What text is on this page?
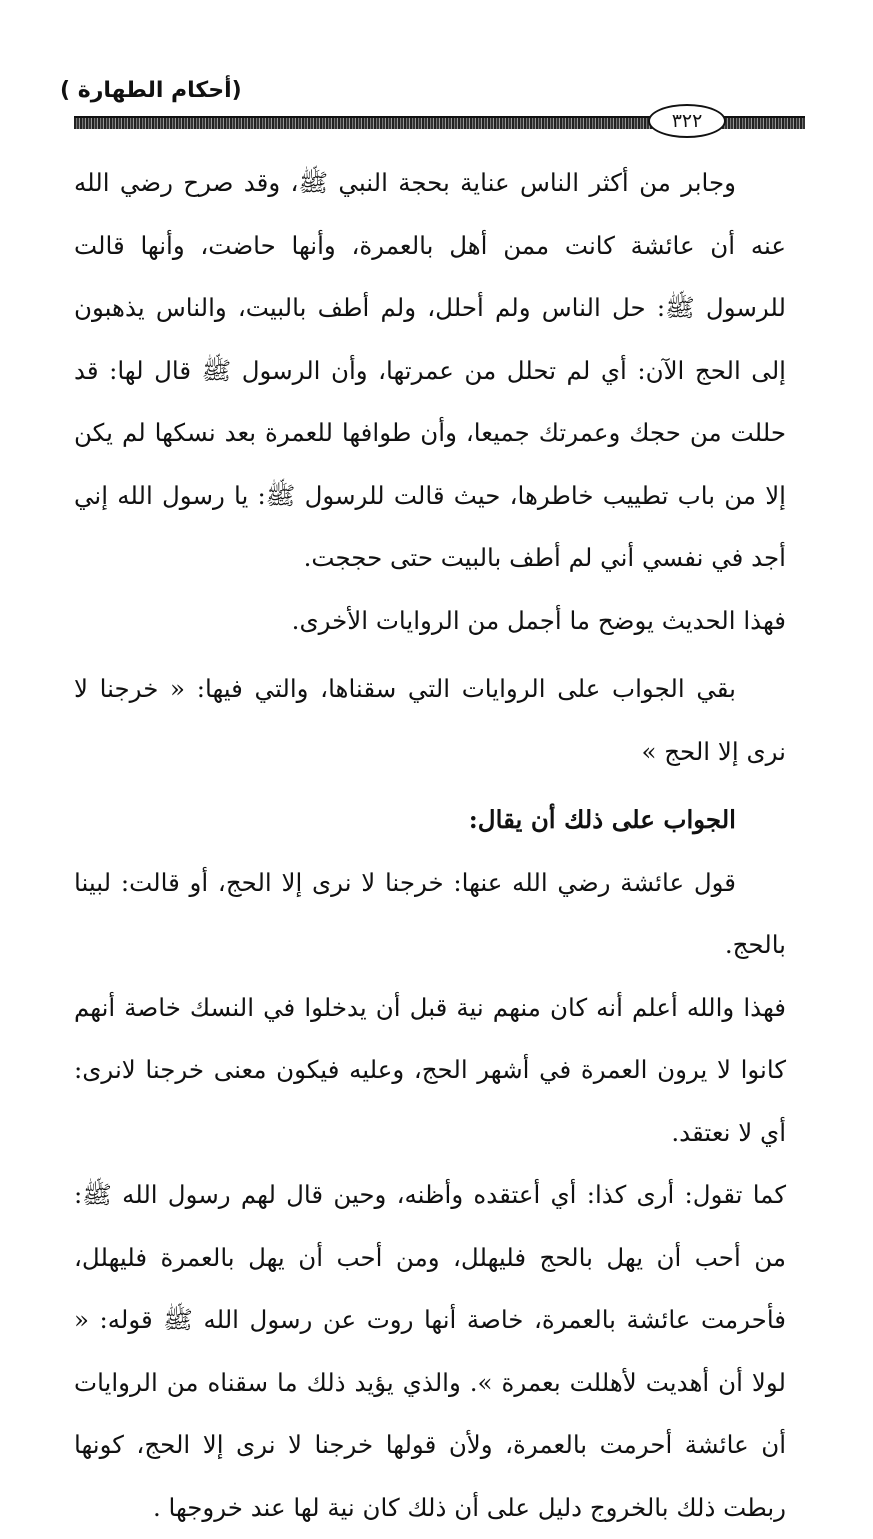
(أحكام الطهارة )
٣٢٢

وجابر من أكثر الناس عناية بحجة النبي ﷺ، وقد صرح رضي الله عنه أن عائشة كانت ممن أهل بالعمرة، وأنها حاضت، وأنها قالت للرسول ﷺ: حل الناس ولم أحلل، ولم أطف بالبيت، والناس يذهبون إلى الحج الآن: أي لم تحلل من عمرتها، وأن الرسول ﷺ قال لها: قد حللت من حجك وعمرتك جميعا، وأن طوافها للعمرة بعد نسكها لم يكن إلا من باب تطييب خاطرها، حيث قالت للرسول ﷺ: يا رسول الله إني أجد في نفسي أني لم أطف بالبيت حتى حججت.

فهذا الحديث يوضح ما أجمل من الروايات الأخرى.

بقي الجواب على الروايات التي سقناها، والتي فيها: « خرجنا لا نرى إلا الحج »

الجواب على ذلك أن يقال:

قول عائشة رضي الله عنها: خرجنا لا نرى إلا الحج، أو قالت: لبينا بالحج.

فهذا والله أعلم أنه كان منهم نية قبل أن يدخلوا في النسك خاصة أنهم كانوا لا يرون العمرة في أشهر الحج، وعليه فيكون معنى خرجنا لانرى: أي لا نعتقد.

كما تقول: أرى كذا: أي أعتقده وأظنه، وحين قال لهم رسول الله ﷺ: من أحب أن يهل بالحج فليهلل، ومن أحب أن يهل بالعمرة فليهلل، فأحرمت عائشة بالعمرة، خاصة أنها روت عن رسول الله ﷺ قوله: « لولا أن أهديت لأهللت بعمرة ». والذي يؤيد ذلك ما سقناه من الروايات أن عائشة أحرمت بالعمرة، ولأن قولها خرجنا لا نرى إلا الحج، كونها ربطت ذلك بالخروج دليل على أن ذلك كان نية لها عند خروجها .
